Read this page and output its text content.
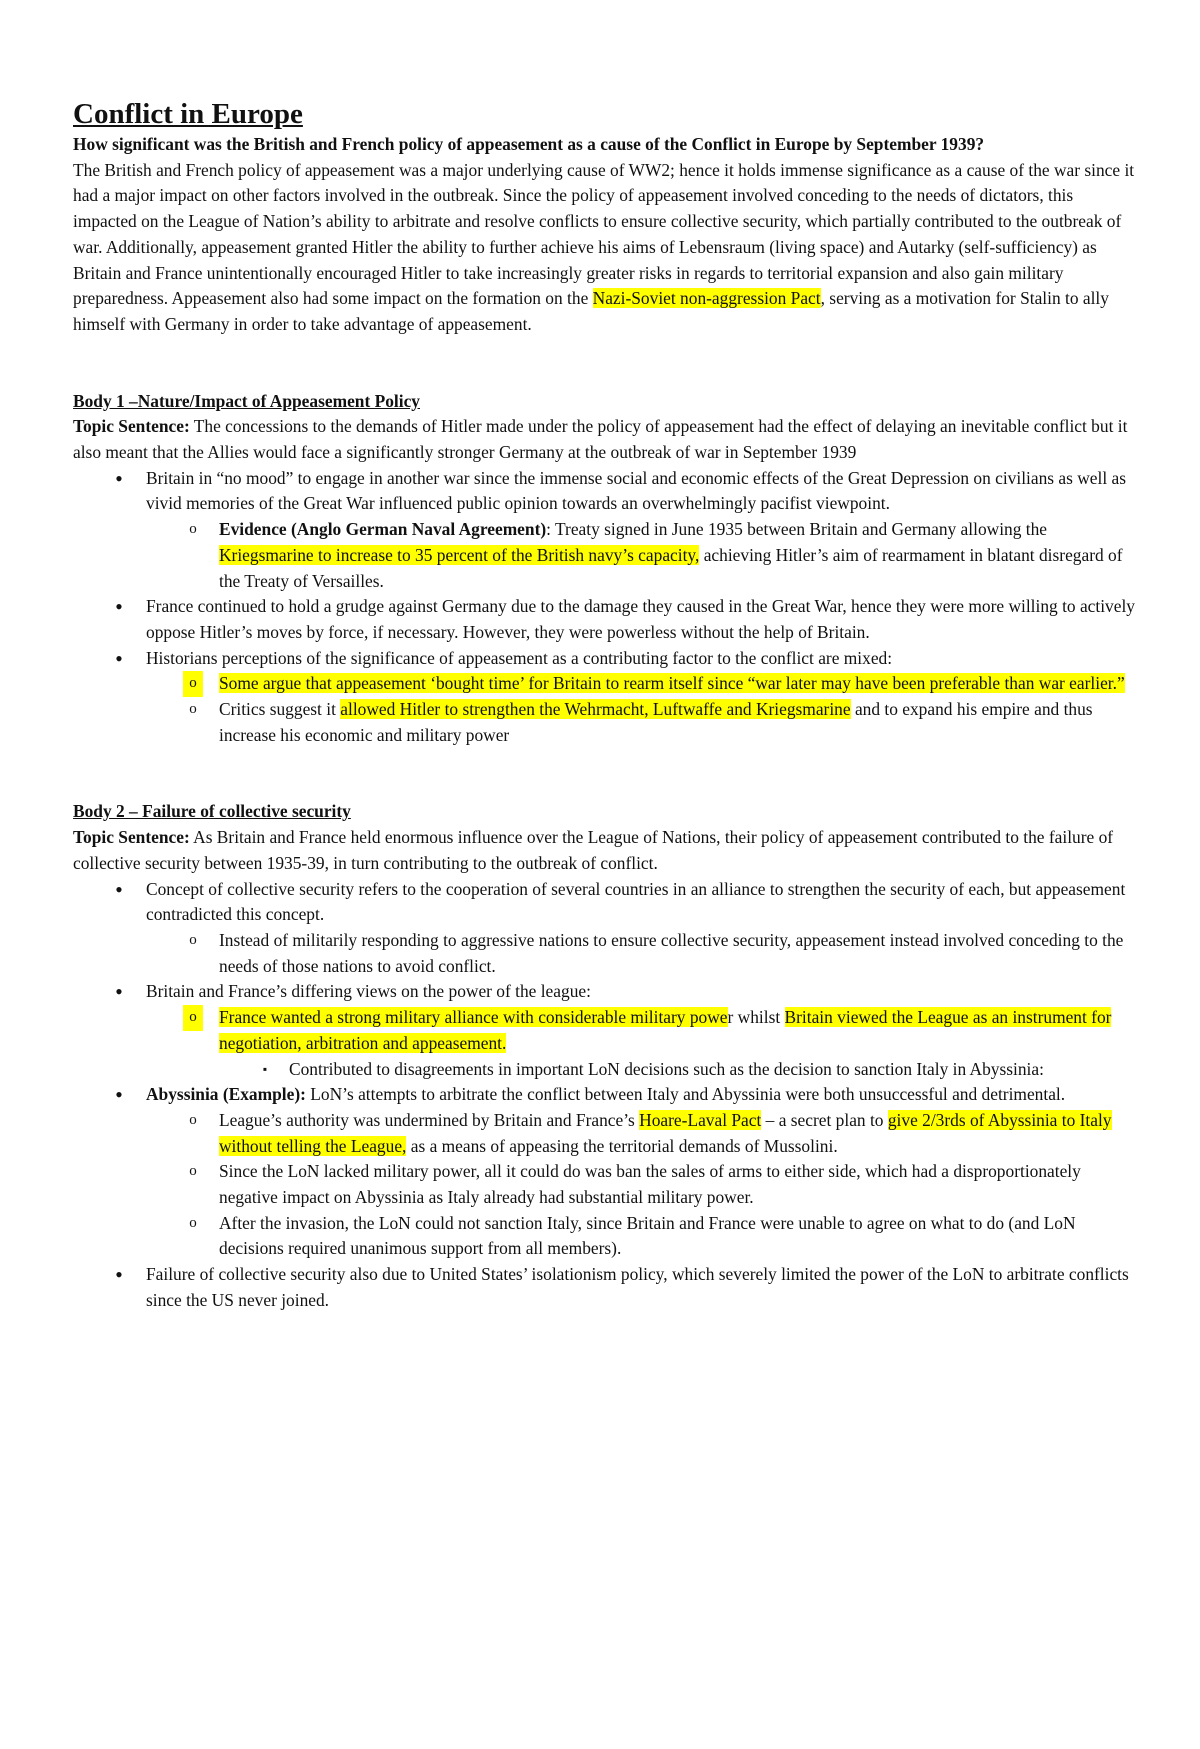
Conflict in Europe

How significant was the British and French policy of appeasement as a cause of the Conflict in Europe by September 1939?

The British and French policy of appeasement was a major underlying cause of WW2; hence it holds immense significance as a cause of the war since it had a major impact on other factors involved in the outbreak. Since the policy of appeasement involved conceding to the needs of dictators, this impacted on the League of Nation’s ability to arbitrate and resolve conflicts to ensure collective security, which partially contributed to the outbreak of war. Additionally, appeasement granted Hitler the ability to further achieve his aims of Lebensraum (living space) and Autarky (self-sufficiency) as Britain and France unintentionally encouraged Hitler to take increasingly greater risks in regards to territorial expansion and also gain military preparedness. Appeasement also had some impact on the formation on the Nazi-Soviet non-aggression Pact, serving as a motivation for Stalin to ally himself with Germany in order to take advantage of appeasement.

Body 1 –Nature/Impact of Appeasement Policy

Topic Sentence: The concessions to the demands of Hitler made under the policy of appeasement had the effect of delaying an inevitable conflict but it also meant that the Allies would face a significantly stronger Germany at the outbreak of war in September 1939

•	Britain in “no mood” to engage in another war since the immense social and economic effects of the Great Depression on civilians as well as vivid memories of the Great War influenced public opinion towards an overwhelmingly pacifist viewpoint.
o	Evidence (Anglo German Naval Agreement): Treaty signed in June 1935 between Britain and Germany allowing the Kriegsmarine to increase to 35 percent of the British navy’s capacity, achieving Hitler’s aim of rearmament in blatant disregard of the Treaty of Versailles.
•	France continued to hold a grudge against Germany due to the damage they caused in the Great War, hence they were more willing to actively oppose Hitler’s moves by force, if necessary. However, they were powerless without the help of Britain.
•	Historians perceptions of the significance of appeasement as a contributing factor to the conflict are mixed:
o	Some argue that appeasement ‘bought time’ for Britain to rearm itself since “war later may have been preferable than war earlier.”
o	Critics suggest it allowed Hitler to strengthen the Wehrmacht, Luftwaffe and Kriegsmarine and to expand his empire and thus increase his economic and military power

Body 2 – Failure of collective security

Topic Sentence: As Britain and France held enormous influence over the League of Nations, their policy of appeasement contributed to the failure of collective security between 1935-39, in turn contributing to the outbreak of conflict.

•	Concept of collective security refers to the cooperation of several countries in an alliance to strengthen the security of each, but appeasement contradicted this concept.
o	Instead of militarily responding to aggressive nations to ensure collective security, appeasement instead involved conceding to the needs of those nations to avoid conflict.
•	Britain and France’s differing views on the power of the league:
o	France wanted a strong military alliance with considerable military power whilst Britain viewed the League as an instrument for negotiation, arbitration and appeasement.
▪	Contributed to disagreements in important LoN decisions such as the decision to sanction Italy in Abyssinia:
•	Abyssinia (Example): LoN’s attempts to arbitrate the conflict between Italy and Abyssinia were both unsuccessful and detrimental.
o	League’s authority was undermined by Britain and France’s Hoare-Laval Pact – a secret plan to give 2/3rds of Abyssinia to Italy without telling the League, as a means of appeasing the territorial demands of Mussolini.
o	Since the LoN lacked military power, all it could do was ban the sales of arms to either side, which had a disproportionately negative impact on Abyssinia as Italy already had substantial military power.
o	After the invasion, the LoN could not sanction Italy, since Britain and France were unable to agree on what to do (and LoN decisions required unanimous support from all members).
•	Failure of collective security also due to United States’ isolationism policy, which severely limited the power of the LoN to arbitrate conflicts since the US never joined.
